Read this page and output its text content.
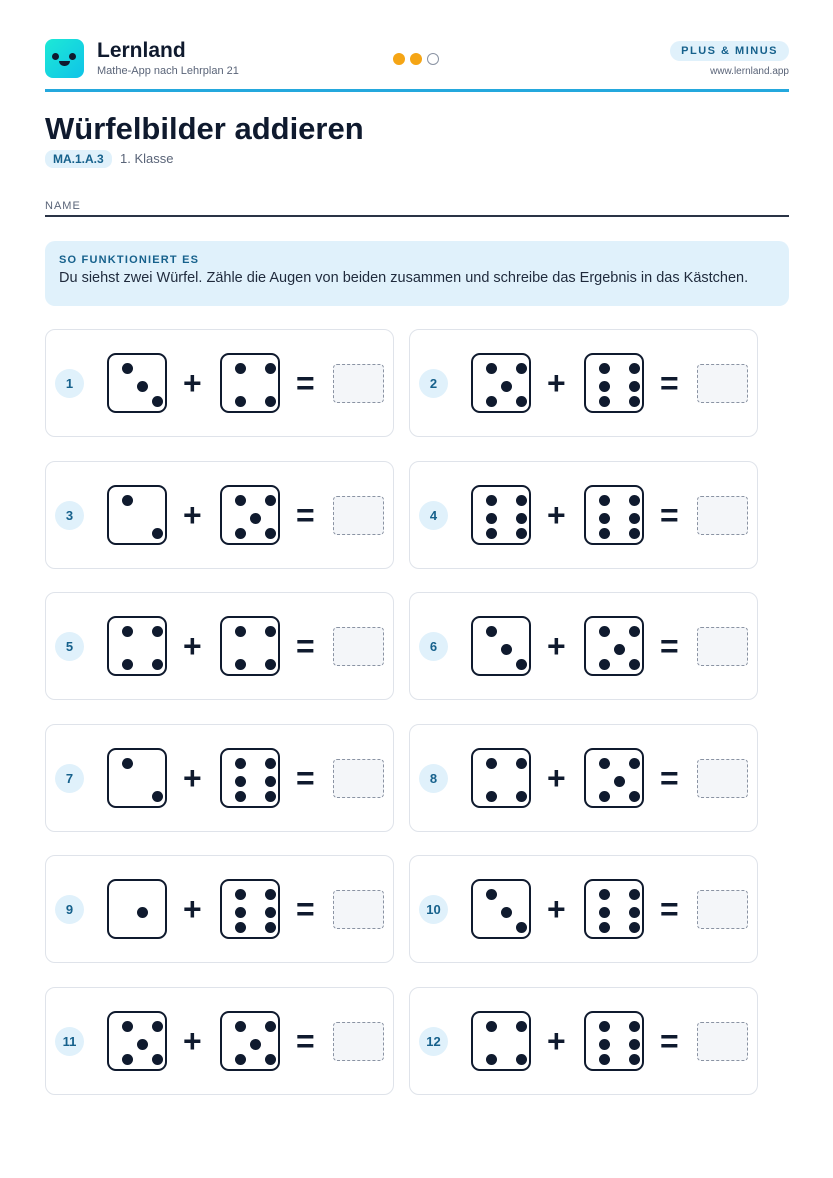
Lernland
Mathe-App nach Lehrplan 21
PLUS & MINUS
www.lernland.app
Würfelbilder addieren
MA.1.A.3	1. Klasse
NAME
SO FUNKTIONIERT ES
Du siehst zwei Würfel. Zähle die Augen von beiden zusammen und schreibe das Ergebnis in das Kästchen.
1	+	=	2	+	=
3	+	=	4	+	=
5	+	=	6	+	=
7	+	=	8	+	=
9	+	=	10	+	=
11	+	=	12	+	=
